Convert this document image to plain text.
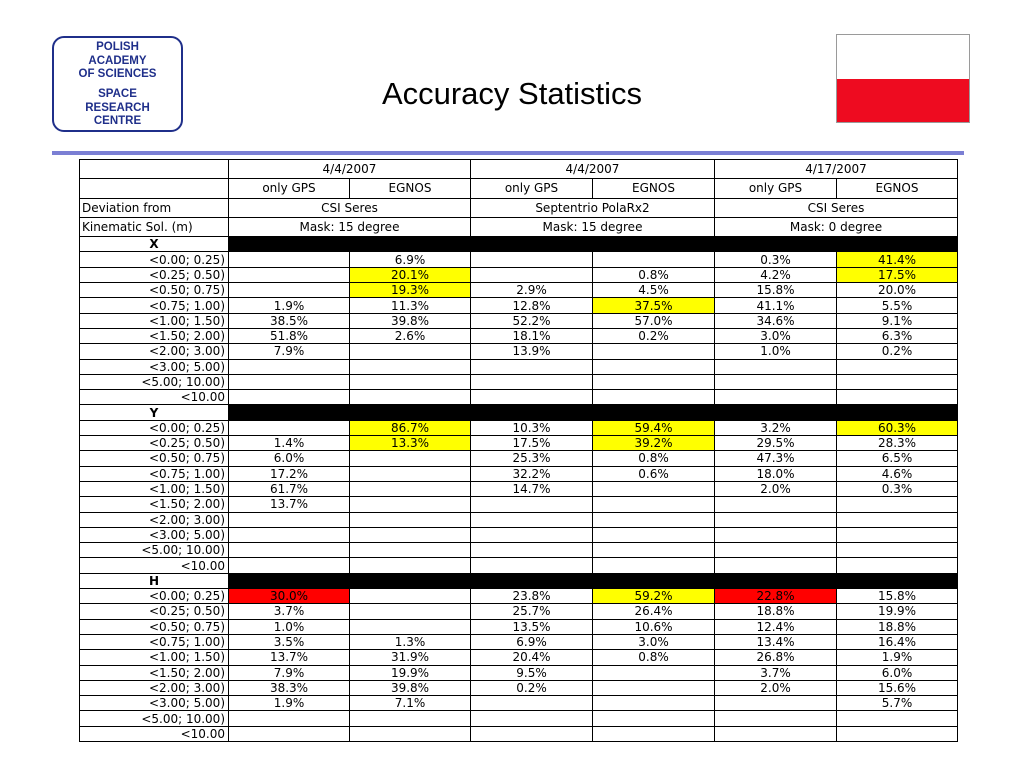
POLISH
ACADEMY
OF SCIENCES
SPACE
RESEARCH
CENTRE
Accuracy Statistics
	4/4/2007		4/4/2007		4/17/2007	
	only GPS	EGNOS	only GPS	EGNOS	only GPS	EGNOS
Deviation from	CSI Seres		Septentrio PolaRx2		CSI Seres	
Kinematic Sol. (m)	Mask: 15 degree		Mask: 15 degree		Mask: 0 degree	
X						
<0.00; 0.25)		6.9%			0.3%	41.4%
<0.25; 0.50)		20.1%		0.8%	4.2%	17.5%
<0.50; 0.75)		19.3%	2.9%	4.5%	15.8%	20.0%
<0.75; 1.00)	1.9%	11.3%	12.8%	37.5%	41.1%	5.5%
<1.00; 1.50)	38.5%	39.8%	52.2%	57.0%	34.6%	9.1%
<1.50; 2.00)	51.8%	2.6%	18.1%	0.2%	3.0%	6.3%
<2.00; 3.00)	7.9%		13.9%		1.0%	0.2%
<3.00; 5.00)						
<5.00; 10.00)						
<10.00						
Y						
<0.00; 0.25)		86.7%	10.3%	59.4%	3.2%	60.3%
<0.25; 0.50)	1.4%	13.3%	17.5%	39.2%	29.5%	28.3%
<0.50; 0.75)	6.0%		25.3%	0.8%	47.3%	6.5%
<0.75; 1.00)	17.2%		32.2%	0.6%	18.0%	4.6%
<1.00; 1.50)	61.7%		14.7%		2.0%	0.3%
<1.50; 2.00)	13.7%					
<2.00; 3.00)						
<3.00; 5.00)						
<5.00; 10.00)						
<10.00						
H						
<0.00; 0.25)	30.0%		23.8%	59.2%	22.8%	15.8%
<0.25; 0.50)	3.7%		25.7%	26.4%	18.8%	19.9%
<0.50; 0.75)	1.0%		13.5%	10.6%	12.4%	18.8%
<0.75; 1.00)	3.5%	1.3%	6.9%	3.0%	13.4%	16.4%
<1.00; 1.50)	13.7%	31.9%	20.4%	0.8%	26.8%	1.9%
<1.50; 2.00)	7.9%	19.9%	9.5%		3.7%	6.0%
<2.00; 3.00)	38.3%	39.8%	0.2%		2.0%	15.6%
<3.00; 5.00)	1.9%	7.1%				5.7%
<5.00; 10.00)						
<10.00						
